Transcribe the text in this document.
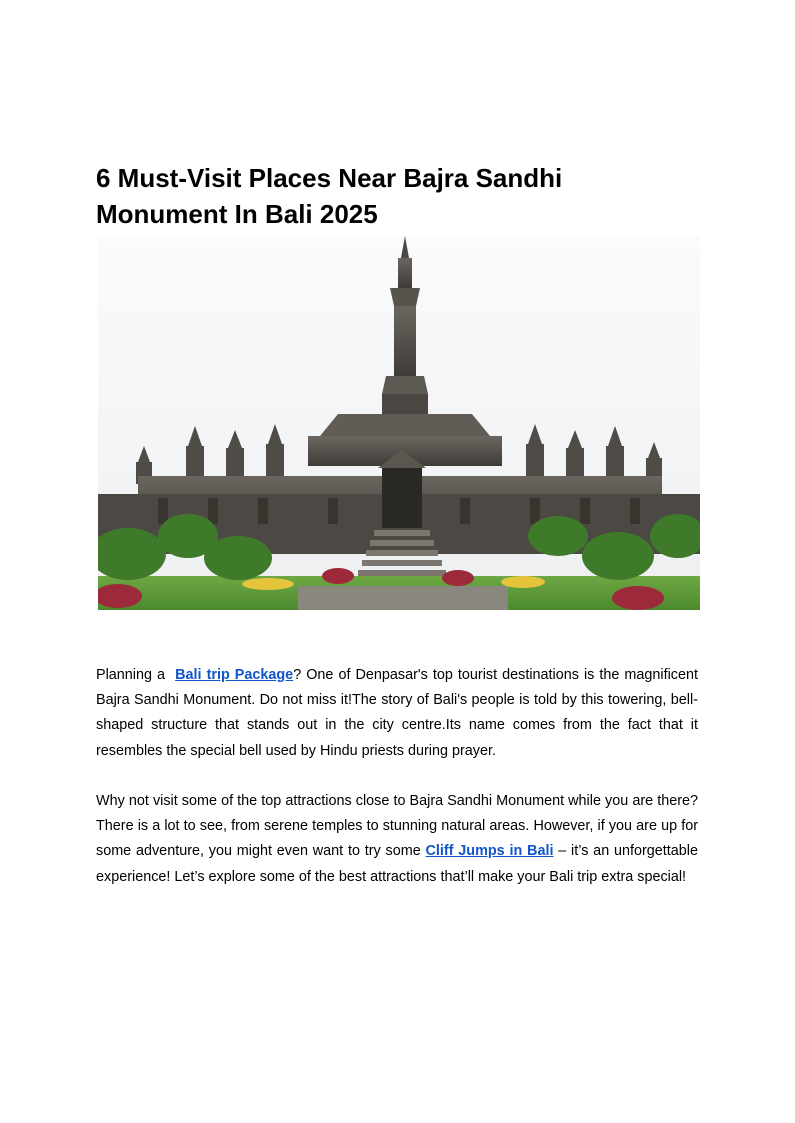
6 Must-Visit Places Near Bajra Sandhi Monument In Bali 2025

Planning a  Bali trip Package? One of Denpasar's top tourist destinations is the magnificent Bajra Sandhi Monument. Do not miss it!The story of Bali's people is told by this towering, bell-shaped structure that stands out in the city centre.Its name comes from the fact that it resembles the special bell used by Hindu priests during prayer.

Why not visit some of the top attractions close to Bajra Sandhi Monument while you are there? There is a lot to see, from serene temples to stunning natural areas. However, if you are up for some adventure, you might even want to try some Cliff Jumps in Bali – it’s an unforgettable experience! Let’s explore some of the best attractions that’ll make your Bali trip extra special!
